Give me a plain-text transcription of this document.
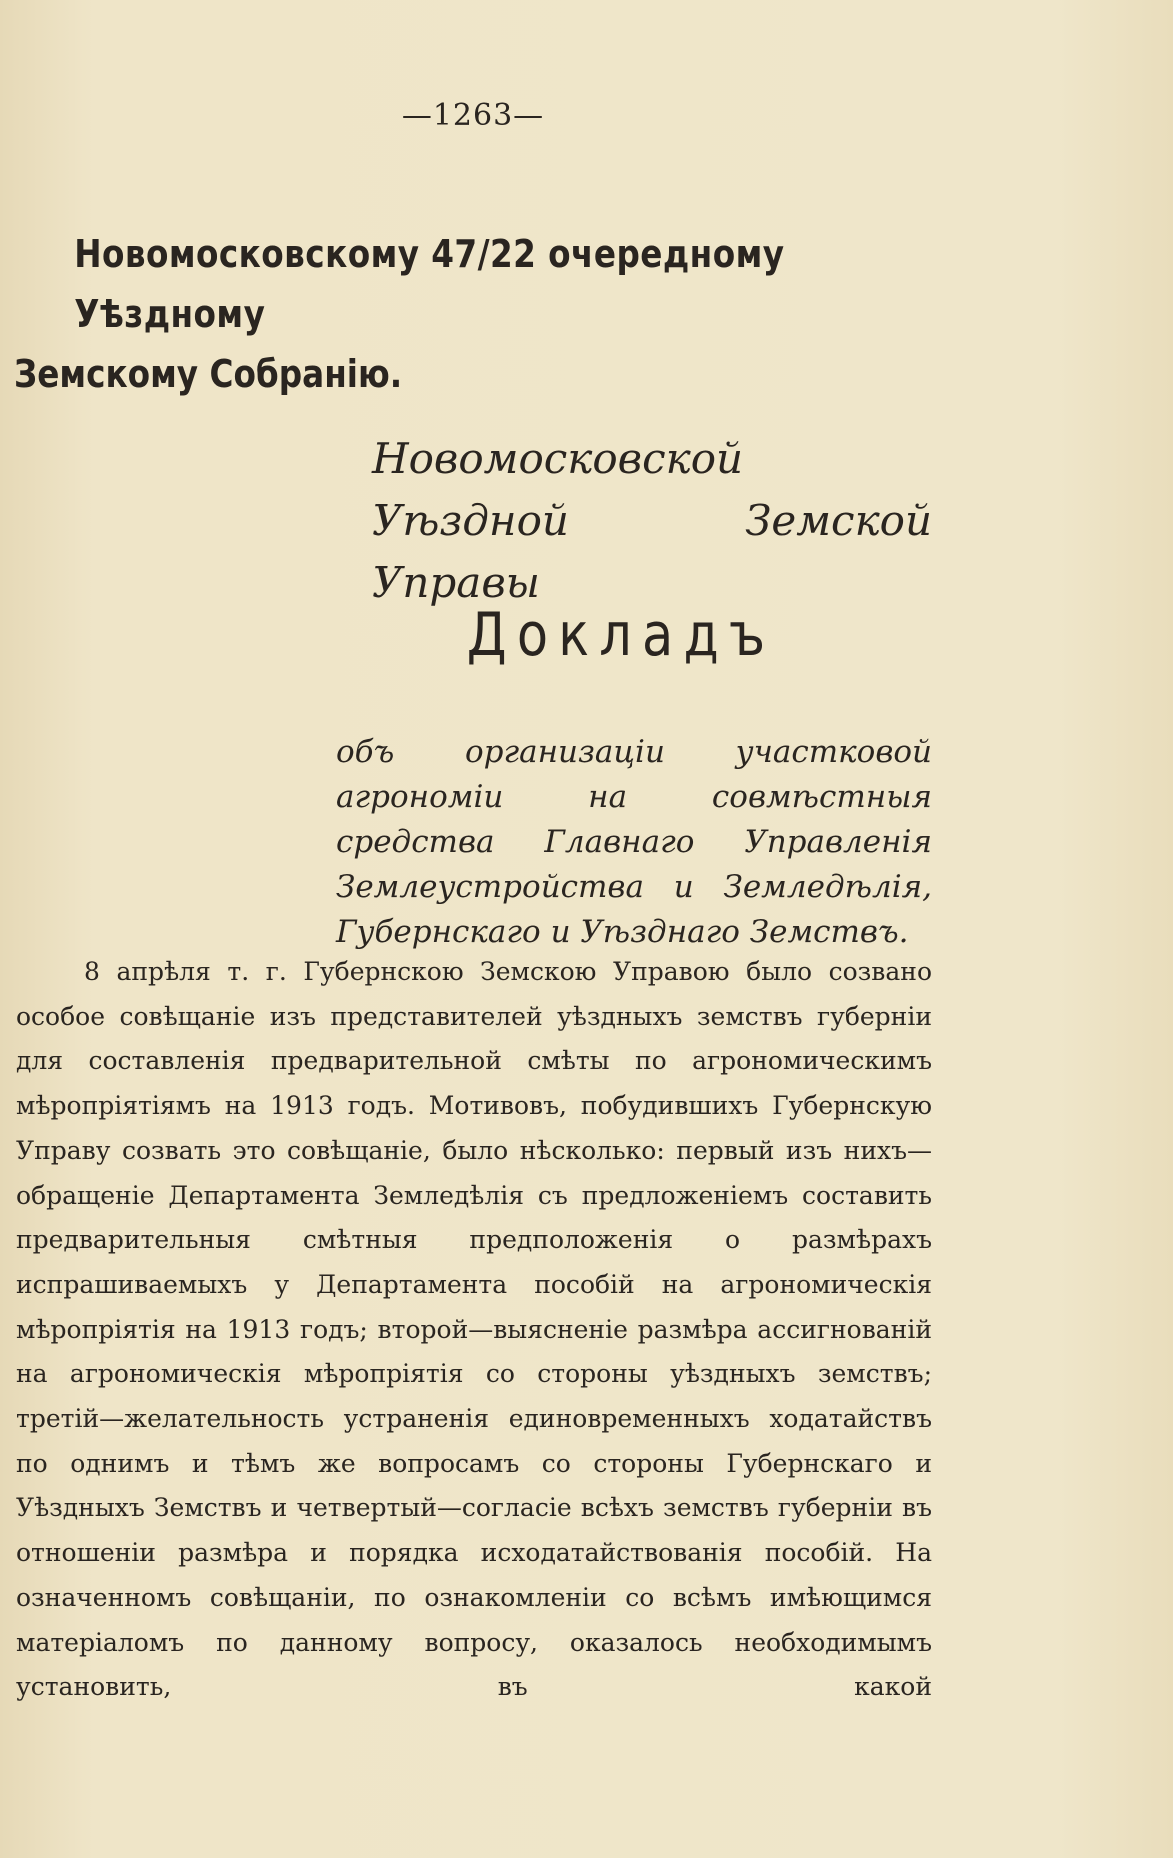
—1263—
Новомосковскому 47/22 очередному Уѣздному
Земскому Собранію.
Новомосковской Уѣздной Земской Управы
Докладъ
объ организаціи участковой агрономіи на совмѣстныя средства Главнаго Управленія Землеустройства и Земледѣлія, Губернскаго и Уѣзднаго Земствъ.

8 апрѣля т. г. Губернскою Земскою Управою было созвано особое совѣщаніе изъ представителей уѣздныхъ земствъ губерніи для составленія предварительной смѣты по агрономическимъ мѣропріятіямъ на 1913 годъ. Мотивовъ, побудившихъ Губернскую Управу созвать это совѣщаніе, было нѣсколько: первый изъ нихъ—обращеніе Департамента Земледѣлія съ предложеніемъ составить предварительныя смѣтныя предположенія о размѣрахъ испрашиваемыхъ у Департамента пособій на агрономическія мѣропріятія на 1913 годъ; второй—выясненіе размѣра ассигнованій на агрономическія мѣропріятія со стороны уѣздныхъ земствъ; третій—желательность устраненія единовременныхъ ходатайствъ по однимъ и тѣмъ же вопросамъ со стороны Губернскаго и Уѣздныхъ Земствъ и четвертый—согласіе всѣхъ земствъ губерніи въ отношеніи размѣра и порядка исходатайствованія пособій. На означенномъ совѣщаніи, по ознакомленіи со всѣмъ имѣющимся матеріаломъ по данному вопросу, оказалось необходимымъ установить, въ какой
